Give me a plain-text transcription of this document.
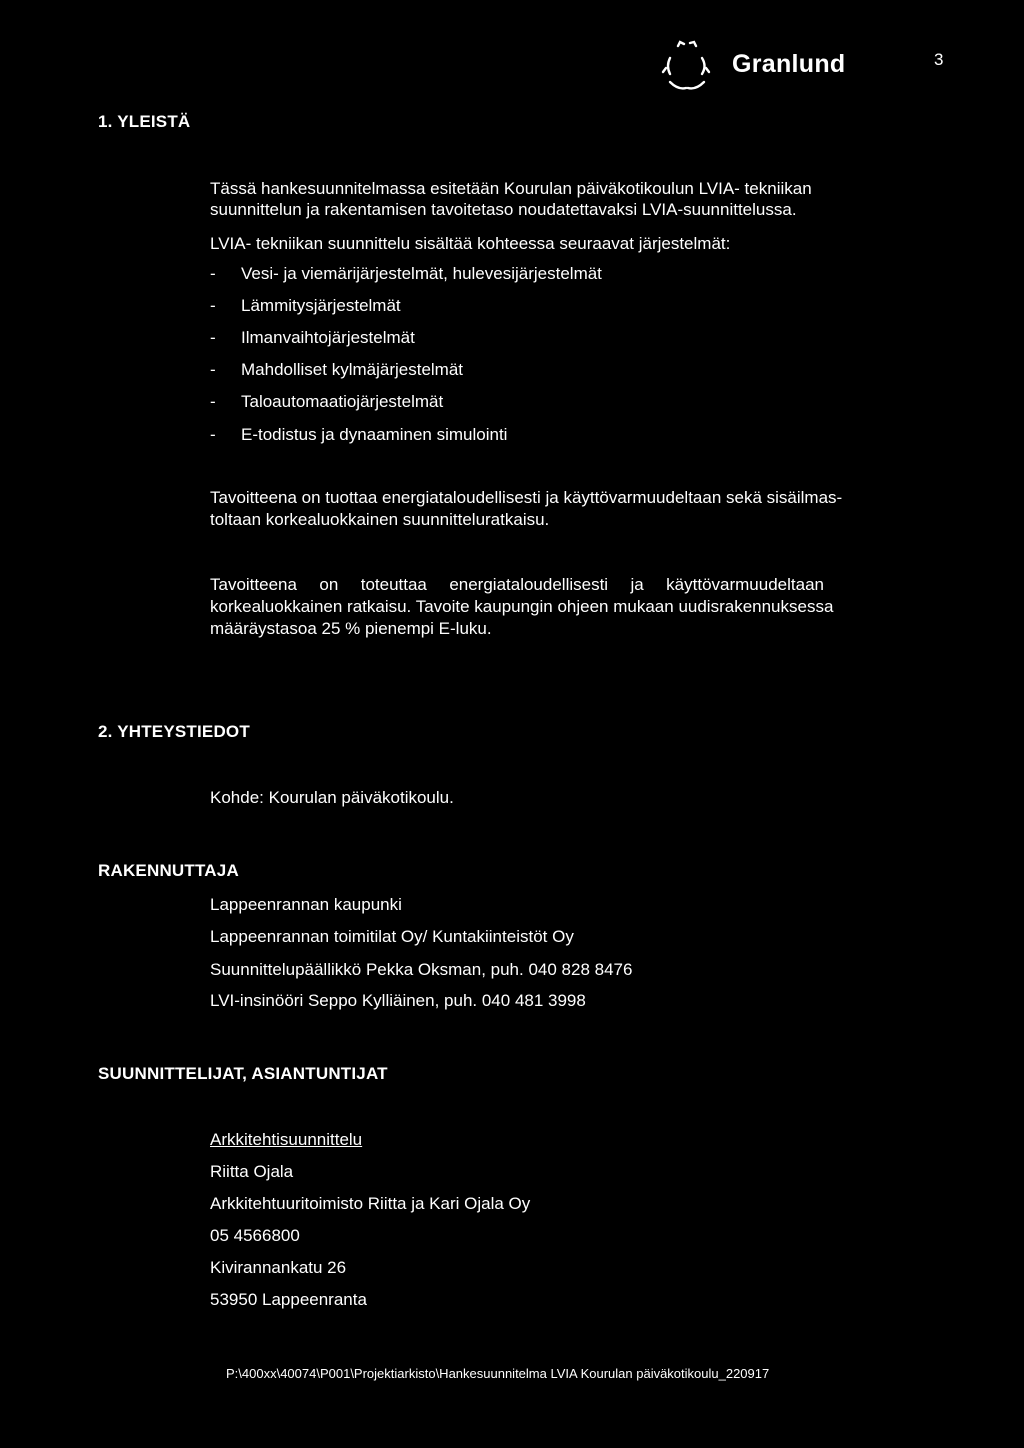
Granlund	3
1. YLEISTÄ
Tässä hankesuunnitelmassa esitetään Kourulan päiväkotikoulun LVIA- tekniikan
suunnittelun ja rakentamisen tavoitetaso noudatettavaksi LVIA-suunnittelussa.
LVIA- tekniikan suunnittelu sisältää kohteessa seuraavat järjestelmät:
- Vesi- ja viemärijärjestelmät, hulevesijärjestelmät
- Lämmitysjärjestelmät
- Ilmanvaihtojärjestelmät
- Mahdolliset kylmäjärjestelmät
- Taloautomaatiojärjestelmät
- E-todistus ja dynaaminen simulointi
Tavoitteena on tuottaa energiataloudellisesti ja käyttövarmuudeltaan sekä sisäilmas-
toltaan korkealuokkainen suunnitteluratkaisu.
Tavoitteena on toteuttaa energiataloudellisesti ja käyttövarmuudeltaan
korkealuokkainen ratkaisu. Tavoite kaupungin ohjeen mukaan uudisrakennuksessa
määräystasoa 25 % pienempi E-luku.
2. YHTEYSTIEDOT
Kohde: Kourulan päiväkotikoulu.
RAKENNUTTAJA
Lappeenrannan kaupunki
Lappeenrannan toimitilat Oy/ Kuntakiinteistöt Oy
Suunnittelupäällikkö Pekka Oksman, puh. 040 828 8476
LVI-insinööri Seppo Kylliäinen, puh. 040 481 3998
SUUNNITTELIJAT, ASIANTUNTIJAT
Arkkitehtisuunnittelu
Riitta Ojala
Arkkitehtuuritoimisto Riitta ja Kari Ojala Oy
05 4566800
Kivirannankatu 26
53950 Lappeenranta
P:\400xx\40074\P001\Projektiarkisto\Hankesuunnitelma LVIA Kourulan päiväkotikoulu_220917
